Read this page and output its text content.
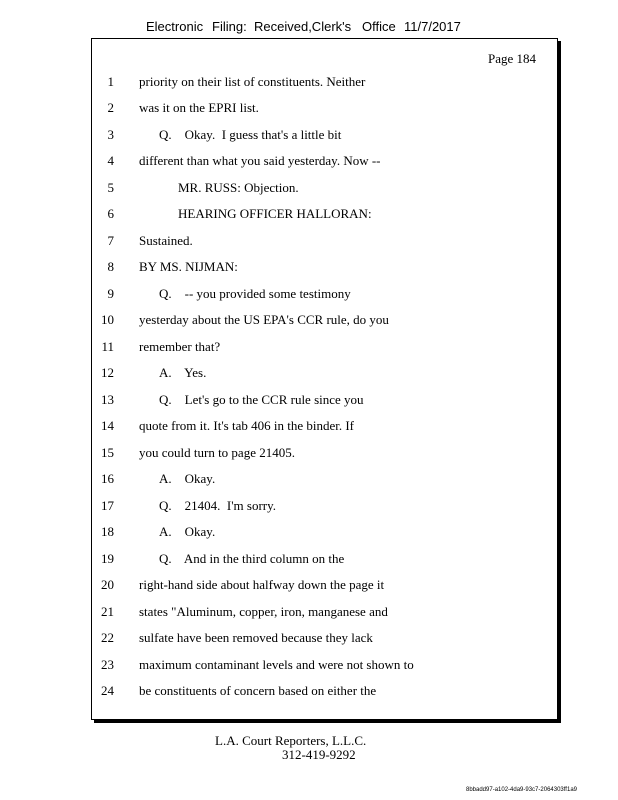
Electronic Filing: Received,Clerk's Office 11/7/2017
Page 184
1 priority on their list of constituents. Neither
2 was it on the EPRI list.
3	Q.    Okay.  I guess that's a little bit
4 different than what you said yesterday. Now --
5	MR. RUSS: Objection.
6	HEARING OFFICER HALLORAN:
7 Sustained.
8 BY MS. NIJMAN:
9	Q.    -- you provided some testimony
10 yesterday about the US EPA's CCR rule, do you
11 remember that?
12	A.    Yes.
13	Q.    Let's go to the CCR rule since you
14 quote from it. It's tab 406 in the binder. If
15 you could turn to page 21405.
16	A.    Okay.
17	Q.    21404.  I'm sorry.
18	A.    Okay.
19	Q.    And in the third column on the
20 right-hand side about halfway down the page it
21 states "Aluminum, copper, iron, manganese and
22 sulfate have been removed because they lack
23 maximum contaminant levels and were not shown to
24 be constituents of concern based on either the
L.A. Court Reporters, L.L.C.
312-419-9292
8bbadd97-a102-4da9-93c7-2064303ff1a9
